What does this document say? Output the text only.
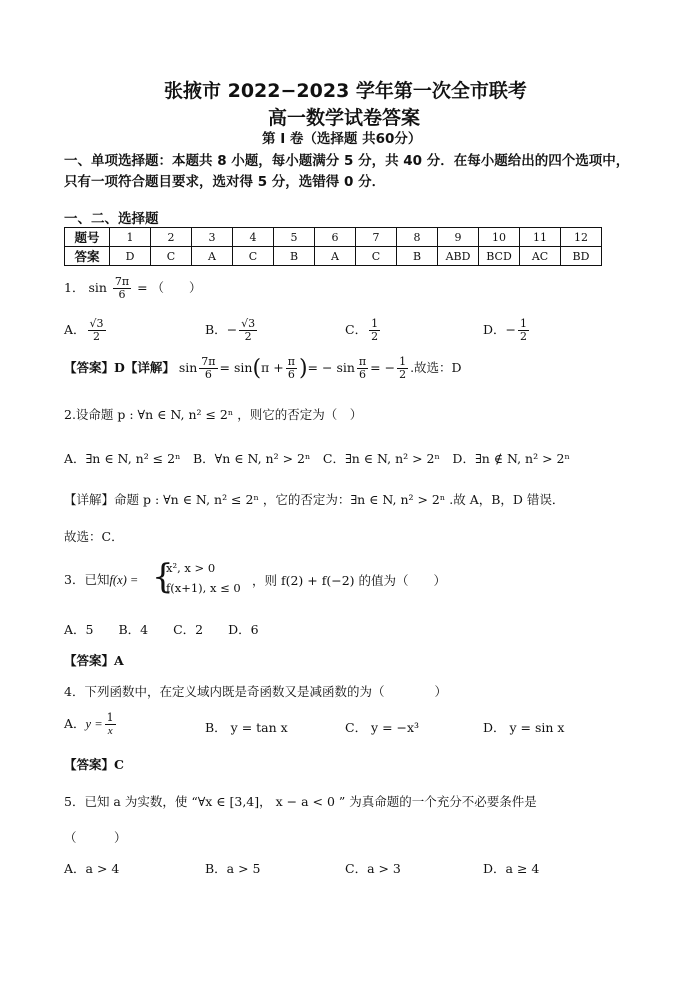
张掖市 2022−2023 学年第一次全市联考
高一数学试卷答案
第 I 卷（选择题 共60分）
一、单项选择题：本题共 8 小题，每小题满分 5 分，共 40 分．在每小题给出的四个选项中，
只有一项符合题目要求，选对得 5 分，选错得 0 分．
一、二、选择题
题号	1	2	3	4	5	6	7	8	9	10	11	12
答案	D	C	A	C	B	A	C	B	ABD	BCD	AC	BD
1． $\sin \frac{7\pi}{6}$ = （　　）
A． $\frac{√3}{2}$	B．− $\frac{√3}{2}$	C． $\frac{1}{2}$	D．− $\frac{1}{2}$
【答案】D【详解】 $\sin \frac{7\pi}{6} = \sin(\pi + \frac{\pi}{6}$ )= − $\sin \frac{\pi}{6}$ = − $\frac{1}{2}$ .故选：D
2.设命题 p : ∀n ∈ N, n² ≤ 2ⁿ ，则它的否定为（　）
A．∃n ∈ N, n² ≤ 2ⁿ　B．∀n ∈ N, n² > 2ⁿ　C．∃n ∈ N, n² > 2ⁿ　D．∃n ∉ N, n² > 2ⁿ
【详解】命题 p : ∀n ∈ N, n² ≤ 2ⁿ ，它的否定为：∃n ∈ N, n² > 2ⁿ .故 A，B，D 错误．
故选：C．
3．已知f(x) = {
x², x > 0
f(x+1), x ≤ 0 ，则 f(2) + f(−2) 的值为（　　）
A．5　　B．4　　C．2　　D．6
【答案】A
4．下列函数中，在定义域内既是奇函数又是减函数的为（　　　　）
A．$y = \frac{1}{x}$	B． y = tan x	C． y = −x³	D． y = sin x
【答案】C
5．已知 a 为实数，使 “∀x ∈ [3,4]， x − a < 0 ” 为真命题的一个充分不必要条件是
（　　　）
A．a > 4	B．a > 5	C．a > 3	D．a ≥ 4
